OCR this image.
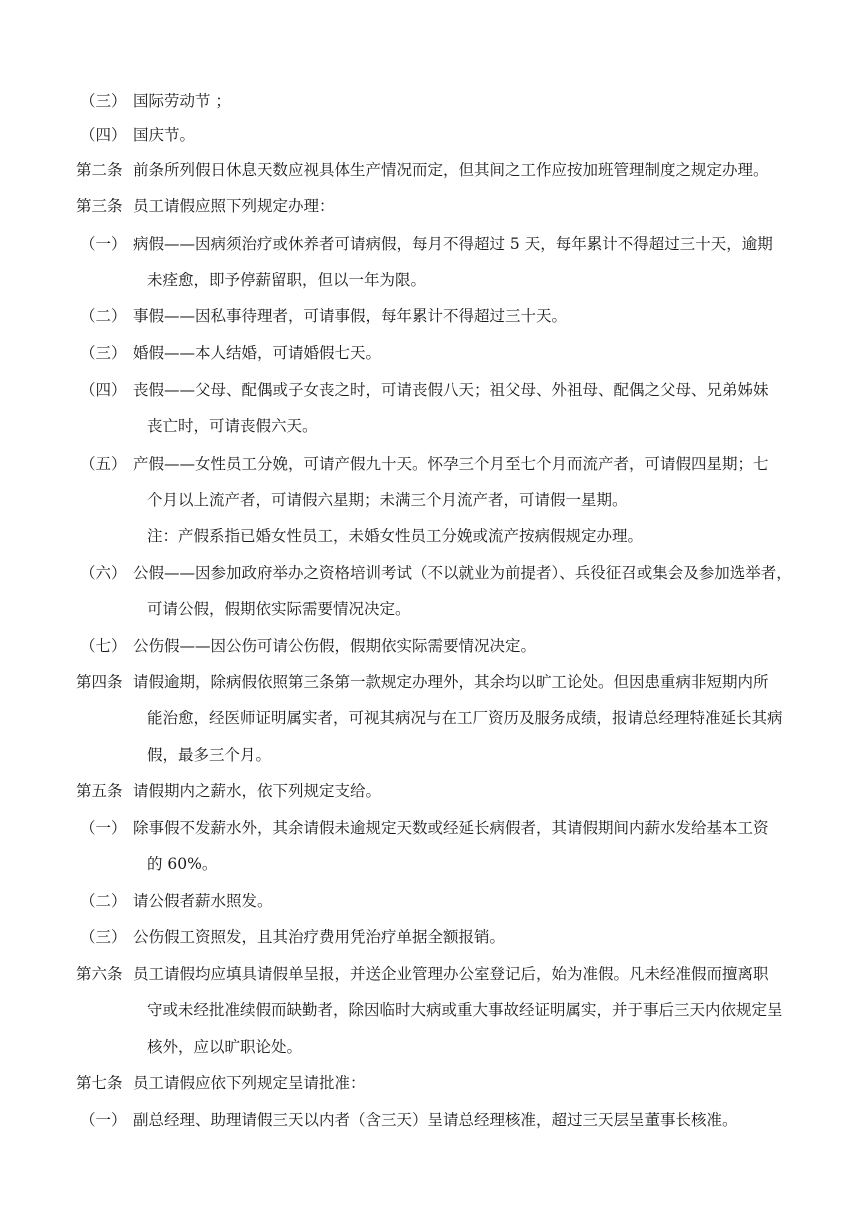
（三） 国际劳动节 ；
（四） 国庆节。
第二条 前条所列假日休息天数应视具体生产情况而定，但其间之工作应按加班管理制度之规定办理。
第三条 员工请假应照下列规定办理：
（一） 病假——因病须治疗或休养者可请病假，每月不得超过 5 天，每年累计不得超过三十天，逾期
未痊愈，即予停薪留职，但以一年为限。
（二） 事假——因私事待理者，可请事假，每年累计不得超过三十天。
（三） 婚假——本人结婚，可请婚假七天。
（四） 丧假——父母、配偶或子女丧之时，可请丧假八天；祖父母、外祖母、配偶之父母、兄弟姊妹
丧亡时，可请丧假六天。
（五） 产假——女性员工分娩，可请产假九十天。怀孕三个月至七个月而流产者，可请假四星期；七
个月以上流产者，可请假六星期；未满三个月流产者，可请假一星期。
注：产假系指已婚女性员工，未婚女性员工分娩或流产按病假规定办理。
（六） 公假——因参加政府举办之资格培训考试（不以就业为前提者）、兵役征召或集会及参加选举者，
可请公假，假期依实际需要情况决定。
（七） 公伤假——因公伤可请公伤假，假期依实际需要情况决定。
第四条 请假逾期，除病假依照第三条第一款规定办理外，其余均以旷工论处。但因患重病非短期内所
能治愈，经医师证明属实者，可视其病况与在工厂资历及服务成绩，报请总经理特准延长其病
假，最多三个月。
第五条 请假期内之薪水，依下列规定支给。
（一） 除事假不发薪水外，其余请假未逾规定天数或经延长病假者，其请假期间内薪水发给基本工资
的 60%。
（二） 请公假者薪水照发。
（三） 公伤假工资照发，且其治疗费用凭治疗单据全额报销。
第六条 员工请假均应填具请假单呈报，并送企业管理办公室登记后，始为准假。凡未经准假而擅离职
守或未经批准续假而缺勤者，除因临时大病或重大事故经证明属实，并于事后三天内依规定呈
核外，应以旷职论处。
第七条 员工请假应依下列规定呈请批准：
（一） 副总经理、助理请假三天以内者（含三天）呈请总经理核准，超过三天层呈董事长核准。
